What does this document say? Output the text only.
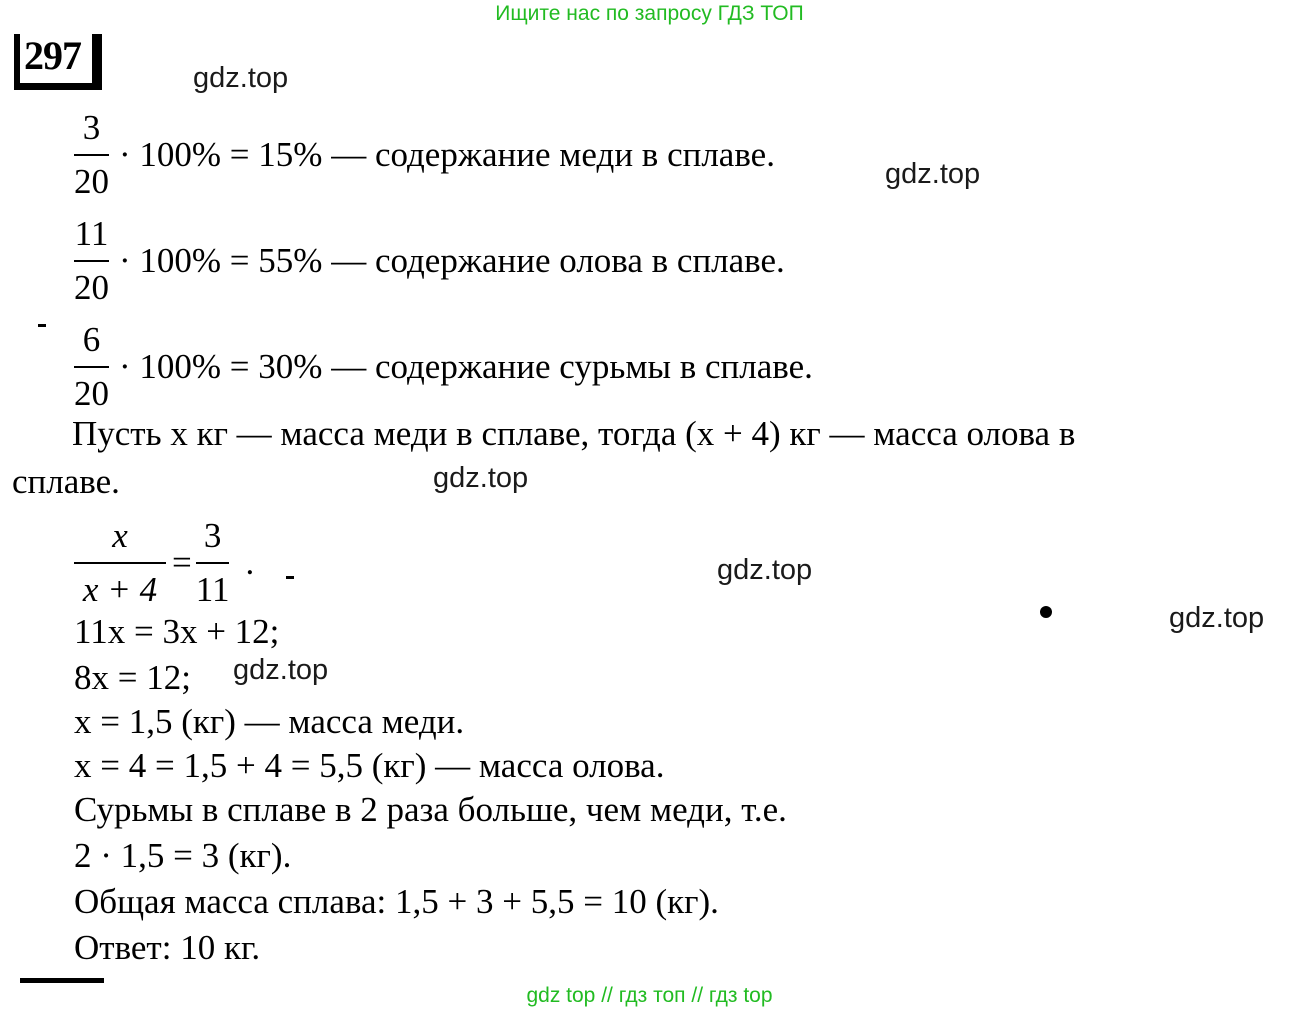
Ищите нас по запросу ГДЗ ТОП
297	gdz.top
gdz.top
gdz.top
gdz.top
gdz.top
gdz.top
$\frac{3}{20} \cdot 100\% = 15\%$ — содержание меди в сплаве.
$\frac{11}{20} \cdot 100\% = 55\%$ — содержание олова в сплаве.
$\frac{6}{20} \cdot 100\% = 30\%$ — содержание сурьмы в сплаве.
Пусть x кг — масса меди в сплаве, тогда (x + 4) кг — масса олова в
сплаве.
$\frac{x}{x + 4} = \frac{3}{11}$ .
11x = 3x + 12;
8x = 12;
x = 1,5 (кг) — масса меди.
x = 4 = 1,5 + 4 = 5,5 (кг) — масса олова.
Сурьмы в сплаве в 2 раза больше, чем меди, т.е.
2 · 1,5 = 3 (кг).
Общая масса сплава: 1,5 + 3 + 5,5 = 10 (кг).
Ответ: 10 кг.
gdz top // гдз топ // гдз top
